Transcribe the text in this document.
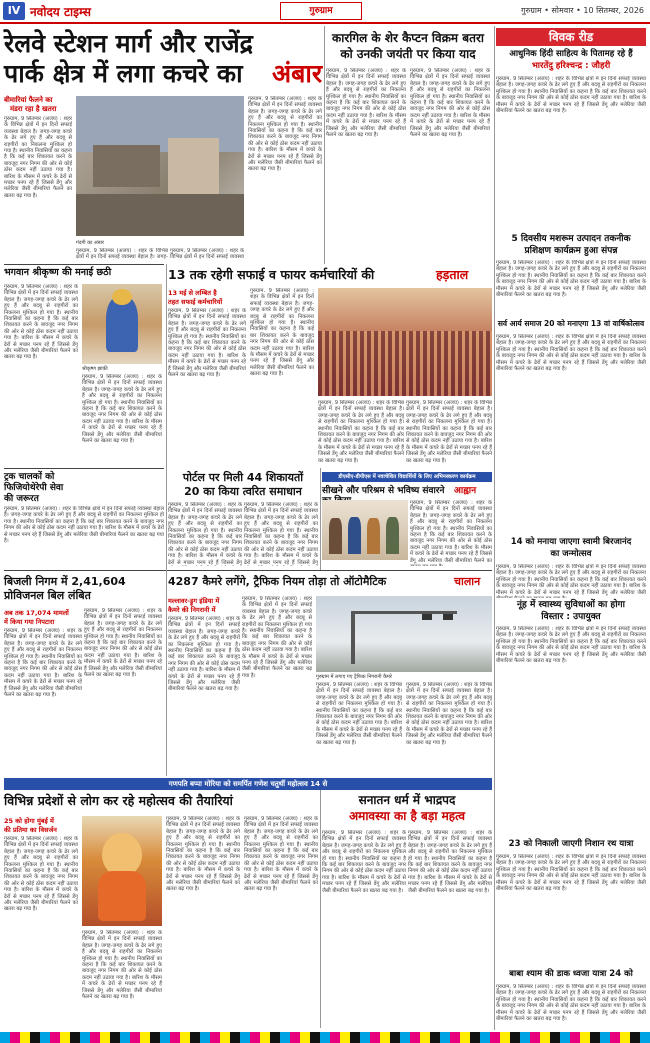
IV नवोदय टाइम्स	गुरुग्राम	गुरुग्राम • सोमवार • 10 सितम्बर, 2026
रेलवे स्टेशन मार्ग और राजेंद्र
पार्क क्षेत्र में लगा कचरे का	अंबार
बीमारियां फैलने का
मंडरा रहा है खतरा
गुरुग्राम, 9 सितम्बर (अजय) : शहर के विभिन्न क्षेत्रों में इन दिनों सफाई व्यवस्था बेहाल है। जगह-जगह कचरे के ढेर लगे हुए हैं और बदबू से राहगीरों का निकलना मुश्किल हो गया है। स्थानीय निवासियों का कहना है कि कई बार शिकायत करने के बावजूद नगर निगम की ओर से कोई ठोस कदम नहीं उठाया गया है। बारिश के मौसम में कचरे के ढेरों से मच्छर पनप रहे हैं जिससे डेंगू और मलेरिया जैसी बीमारियां फैलने का खतरा बढ़ गया है।
गंदगी का अंबार
गुरुग्राम, 9 सितम्बर (अजय) : शहर के विभिन्न क्षेत्रों में इन दिनों सफाई व्यवस्था बेहाल है। जगह-जगह कचरे के ढेर लगे हुए हैं और बदबू से राहगीरों का निकलना मुश्किल हो गया है। स्थानीय निवासियों का कहना है कि कई बार शिकायत करने के बावजूद नगर निगम की ओर से कोई ठोस कदम नहीं उठाया गया है। बारिश के मौसम में कचरे के ढेरों से मच्छर पनप रहे हैं जिससे डेंगू और मलेरिया जैसी बीमारियां फैलने का खतरा बढ़ गया है।
गुरुग्राम, 9 सितम्बर (अजय) : शहर के विभिन्न क्षेत्रों में इन दिनों सफाई व्यवस्था बेहाल है। जगह-
गुरुग्राम, 9 सितम्बर (अजय) : शहर के विभिन्न क्षेत्रों में इन दिनों सफाई व्यवस्था
कारगिल के शेर कैप्टन विक्रम बतरा
को उनकी जयंती पर किया याद
गुरुग्राम, 9 सितम्बर (अजय) : शहर के विभिन्न क्षेत्रों में इन दिनों सफाई व्यवस्था बेहाल है। जगह-जगह कचरे के ढेर लगे हुए हैं और बदबू से राहगीरों का निकलना मुश्किल हो गया है। स्थानीय निवासियों का कहना है कि कई बार शिकायत करने के बावजूद नगर निगम की ओर से कोई ठोस कदम नहीं उठाया गया है। बारिश के मौसम में कचरे के ढेरों से मच्छर पनप रहे हैं जिससे डेंगू और मलेरिया जैसी बीमारियां फैलने का खतरा बढ़ गया है।
गुरुग्राम, 9 सितम्बर (अजय) : शहर के विभिन्न क्षेत्रों में इन दिनों सफाई व्यवस्था बेहाल है। जगह-जगह कचरे के ढेर लगे हुए हैं और बदबू से राहगीरों का निकलना मुश्किल हो गया है। स्थानीय निवासियों का कहना है कि कई बार शिकायत करने के बावजूद नगर निगम की ओर से कोई ठोस कदम नहीं उठाया गया है। बारिश के मौसम में कचरे के ढेरों से मच्छर पनप रहे हैं जिससे डेंगू और मलेरिया जैसी बीमारियां फैलने का खतरा बढ़ गया है।
विवक रीड
आधुनिक हिंदी साहित्य के पितामह रहे हैं
भारतेंदु हरिश्चन्द्र : जौहरी
गुरुग्राम, 9 सितम्बर (अजय) : शहर के विभिन्न क्षेत्रों में इन दिनों सफाई व्यवस्था बेहाल है। जगह-जगह कचरे के ढेर लगे हुए हैं और बदबू से राहगीरों का निकलना मुश्किल हो गया है। स्थानीय निवासियों का कहना है कि कई बार शिकायत करने के बावजूद नगर निगम की ओर से कोई ठोस कदम नहीं उठाया गया है। बारिश के मौसम में कचरे के ढेरों से मच्छर पनप रहे हैं जिससे डेंगू और मलेरिया जैसी बीमारियां फैलने का खतरा बढ़ गया है।
5 दिवसीय मशरूम उत्पादन तकनीक
प्रशिक्षण कार्यक्रम हुआ संपन्न
गुरुग्राम, 9 सितम्बर (अजय) : शहर के विभिन्न क्षेत्रों में इन दिनों सफाई व्यवस्था बेहाल है। जगह-जगह कचरे के ढेर लगे हुए हैं और बदबू से राहगीरों का निकलना मुश्किल हो गया है। स्थानीय निवासियों का कहना है कि कई बार शिकायत करने के बावजूद नगर निगम की ओर से कोई ठोस कदम नहीं उठाया गया है। बारिश के मौसम में कचरे के ढेरों से मच्छर पनप रहे हैं जिससे डेंगू और मलेरिया जैसी बीमारियां फैलने का खतरा बढ़ गया है।
सर्व आर्य समाज 20 को मनाएगा 13 वां वार्षिकोत्सव
गुरुग्राम, 9 सितम्बर (अजय) : शहर के विभिन्न क्षेत्रों में इन दिनों सफाई व्यवस्था बेहाल है। जगह-जगह कचरे के ढेर लगे हुए हैं और बदबू से राहगीरों का निकलना मुश्किल हो गया है। स्थानीय निवासियों का कहना है कि कई बार शिकायत करने के बावजूद नगर निगम की ओर से कोई ठोस कदम नहीं उठाया गया है। बारिश के मौसम में कचरे के ढेरों से मच्छर पनप रहे हैं जिससे डेंगू और मलेरिया जैसी बीमारियां फैलने का खतरा बढ़ गया है।
भगवान श्रीकृष्ण की मनाई छठी
गुरुग्राम, 9 सितम्बर (अजय) : शहर के विभिन्न क्षेत्रों में इन दिनों सफाई व्यवस्था बेहाल है। जगह-जगह कचरे के ढेर लगे हुए हैं और बदबू से राहगीरों का निकलना मुश्किल हो गया है। स्थानीय निवासियों का कहना है कि कई बार शिकायत करने के बावजूद नगर निगम की ओर से कोई ठोस कदम नहीं उठाया गया है। बारिश के मौसम में कचरे के ढेरों से मच्छर पनप रहे हैं जिससे डेंगू और मलेरिया जैसी बीमारियां फैलने का खतरा बढ़ गया है।
श्रीकृष्ण झांकी
गुरुग्राम, 9 सितम्बर (अजय) : शहर के विभिन्न क्षेत्रों में इन दिनों सफाई व्यवस्था बेहाल है। जगह-जगह कचरे के ढेर लगे हुए हैं और बदबू से राहगीरों का निकलना मुश्किल हो गया है। स्थानीय निवासियों का कहना है कि कई बार शिकायत करने के बावजूद नगर निगम की ओर से कोई ठोस कदम नहीं उठाया गया है। बारिश के मौसम में कचरे के ढेरों से मच्छर पनप रहे हैं जिससे डेंगू और मलेरिया जैसी बीमारियां फैलने का खतरा बढ़ गया है।
13 तक रहेगी सफाई व फायर कर्मचारियों की	हड़ताल
13 मई से लम्बित है
तहत सफाई कर्मचारियों
गुरुग्राम, 9 सितम्बर (अजय) : शहर के विभिन्न क्षेत्रों में इन दिनों सफाई व्यवस्था बेहाल है। जगह-जगह कचरे के ढेर लगे हुए हैं और बदबू से राहगीरों का निकलना मुश्किल हो गया है। स्थानीय निवासियों का कहना है कि कई बार शिकायत करने के बावजूद नगर निगम की ओर से कोई ठोस कदम नहीं उठाया गया है। बारिश के मौसम में कचरे के ढेरों से मच्छर पनप रहे हैं जिससे डेंगू और मलेरिया जैसी बीमारियां फैलने का खतरा बढ़ गया है।
गुरुग्राम, 9 सितम्बर (अजय) : शहर के विभिन्न क्षेत्रों में इन दिनों सफाई व्यवस्था बेहाल है। जगह-जगह कचरे के ढेर लगे हुए हैं और बदबू से राहगीरों का निकलना मुश्किल हो गया है। स्थानीय निवासियों का कहना है कि कई बार शिकायत करने के बावजूद नगर निगम की ओर से कोई ठोस कदम नहीं उठाया गया है। बारिश के मौसम में कचरे के ढेरों से मच्छर पनप रहे हैं जिससे डेंगू और मलेरिया जैसी बीमारियां फैलने का खतरा बढ़ गया है।
गुरुग्राम, 9 सितम्बर (अजय) : शहर के विभिन्न क्षेत्रों में इन दिनों सफाई व्यवस्था बेहाल है। जगह-जगह कचरे के ढेर लगे हुए हैं और बदबू से राहगीरों का निकलना मुश्किल हो गया है। स्थानीय निवासियों का कहना है कि कई बार शिकायत करने के बावजूद नगर निगम की ओर से कोई ठोस कदम नहीं उठाया गया है। बारिश के मौसम में कचरे के ढेरों से मच्छर पनप रहे हैं जिससे डेंगू और मलेरिया जैसी बीमारियां फैलने का खतरा बढ़ गया है।
गुरुग्राम, 9 सितम्बर (अजय) : शहर के विभिन्न क्षेत्रों में इन दिनों सफाई व्यवस्था बेहाल है। जगह-जगह कचरे के ढेर लगे हुए हैं और बदबू से राहगीरों का निकलना मुश्किल हो गया है। स्थानीय निवासियों का कहना है कि कई बार शिकायत करने के बावजूद नगर निगम की ओर से कोई ठोस कदम नहीं उठाया गया है। बारिश के मौसम में कचरे के ढेरों से मच्छर पनप रहे हैं जिससे डेंगू और मलेरिया जैसी बीमारियां फैलने का खतरा बढ़ गया है।
ट्रक चालकों को
फिजियोथेरेपी सेवा
की जरूरत
गुरुग्राम, 9 सितम्बर (अजय) : शहर के विभिन्न क्षेत्रों में इन दिनों सफाई व्यवस्था बेहाल है। जगह-जगह कचरे के ढेर लगे हुए हैं और बदबू से राहगीरों का निकलना मुश्किल हो गया है। स्थानीय निवासियों का कहना है कि कई बार शिकायत करने के बावजूद नगर निगम की ओर से कोई ठोस कदम नहीं उठाया गया है। बारिश के मौसम में कचरे के ढेरों से मच्छर पनप रहे हैं जिससे डेंगू और मलेरिया जैसी बीमारियां फैलने का खतरा बढ़ गया है।
पोर्टल पर मिली 44 शिकायतों
20 का किया त्वरित समाधान
गुरुग्राम, 9 सितम्बर (अजय) : शहर के विभिन्न क्षेत्रों में इन दिनों सफाई व्यवस्था बेहाल है। जगह-जगह कचरे के ढेर लगे हुए हैं और बदबू से राहगीरों का निकलना मुश्किल हो गया है। स्थानीय निवासियों का कहना है कि कई बार शिकायत करने के बावजूद नगर निगम की ओर से कोई ठोस कदम नहीं उठाया गया है। बारिश के मौसम में कचरे के ढेरों से मच्छर पनप रहे हैं जिससे डेंगू
गुरुग्राम, 9 सितम्बर (अजय) : शहर के विभिन्न क्षेत्रों में इन दिनों सफाई व्यवस्था बेहाल है। जगह-जगह कचरे के ढेर लगे हुए हैं और बदबू से राहगीरों का निकलना मुश्किल हो गया है। स्थानीय निवासियों का कहना है कि कई बार शिकायत करने के बावजूद नगर निगम की ओर से कोई ठोस कदम नहीं उठाया गया है। बारिश के मौसम में कचरे के ढेरों से मच्छर पनप रहे हैं जिससे डेंगू
डीएसीए-डीपीएस में नवाचेशित विद्यार्थियों के लिए अभिनस्करण कार्यक्रम
सीखने और परिश्रम से भविष्य संवारने	आह्वान
गुरुग्राम, 9 सितम्बर (अजय) : शहर के विभिन्न क्षेत्रों में इन दिनों सफाई व्यवस्था बेहाल है। जगह-जगह कचरे के ढेर लगे हुए हैं और बदबू से राहगीरों का निकलना मुश्किल हो गया है। स्थानीय निवासियों का कहना है कि कई बार शिकायत करने के बावजूद नगर निगम की ओर से कोई ठोस कदम नहीं उठाया गया है। बारिश के मौसम में कचरे के ढेरों से मच्छर पनप रहे हैं जिससे डेंगू और मलेरिया जैसी बीमारियां फैलने का
14 को मनाया जाएगा स्वामी बिरजानंद
का जन्मोत्सव
गुरुग्राम, 9 सितम्बर (अजय) : शहर के विभिन्न क्षेत्रों में इन दिनों सफाई व्यवस्था बेहाल है। जगह-जगह कचरे के ढेर लगे हुए हैं और बदबू से राहगीरों का निकलना मुश्किल हो गया है। स्थानीय निवासियों का कहना है कि कई बार शिकायत करने के बावजूद नगर निगम की ओर से कोई ठोस कदम नहीं उठाया गया है। बारिश के मौसम में कचरे के ढेरों से मच्छर पनप रहे हैं जिससे डेंगू और मलेरिया जैसी
नूंह में स्वास्थ्य सुविधाओं का होगा
विस्तार : उपायुक्त
गुरुग्राम, 9 सितम्बर (अजय) : शहर के विभिन्न क्षेत्रों में इन दिनों सफाई व्यवस्था बेहाल है। जगह-जगह कचरे के ढेर लगे हुए हैं और बदबू से राहगीरों का निकलना मुश्किल हो गया है। स्थानीय निवासियों का कहना है कि कई बार शिकायत करने के बावजूद नगर निगम की ओर से कोई ठोस कदम नहीं उठाया गया है। बारिश के मौसम में कचरे के ढेरों से मच्छर पनप रहे हैं जिससे डेंगू और मलेरिया जैसी बीमारियां फैलने का खतरा बढ़ गया है।
बिजली निगम में 2,41,604
प्रोविजनल बिल लंबित
अब तक 17,074 मामलों
में किया गया निपटारा
गुरुग्राम, 9 सितम्बर (अजय) : शहर के विभिन्न क्षेत्रों में इन दिनों सफाई व्यवस्था बेहाल है। जगह-जगह कचरे के ढेर लगे हुए हैं और बदबू से राहगीरों का निकलना मुश्किल हो गया है। स्थानीय निवासियों का कहना है कि कई बार शिकायत करने के बावजूद नगर निगम की ओर से कोई ठोस कदम नहीं उठाया गया है। बारिश के मौसम में कचरे के ढेरों से मच्छर पनप रहे हैं जिससे डेंगू और मलेरिया जैसी बीमारियां फैलने का खतरा बढ़ गया है।
गुरुग्राम, 9 सितम्बर (अजय) : शहर के विभिन्न क्षेत्रों में इन दिनों सफाई व्यवस्था बेहाल है। जगह-जगह कचरे के ढेर लगे हुए हैं और बदबू से राहगीरों का निकलना मुश्किल हो गया है। स्थानीय निवासियों का कहना है कि कई बार शिकायत करने के बावजूद नगर निगम की ओर से कोई ठोस कदम नहीं उठाया गया है। बारिश के मौसम में कचरे के ढेरों से मच्छर पनप रहे हैं जिससे डेंगू और मलेरिया जैसी बीमारियां फैलने का खतरा बढ़ गया है।
4287 कैमरे लगेंगे, ट्रैफिक नियम तोड़ा तो ऑटोमैटिक	चालान
मल्लावर-ड्रुग इंडिया में
कैमरे की निगरानी में
गुरुग्राम, 9 सितम्बर (अजय) : शहर के विभिन्न क्षेत्रों में इन दिनों सफाई व्यवस्था बेहाल है। जगह-जगह कचरे के ढेर लगे हुए हैं और बदबू से राहगीरों का निकलना मुश्किल हो गया है। स्थानीय निवासियों का कहना है कि कई बार शिकायत करने के बावजूद नगर निगम की ओर से कोई ठोस कदम नहीं उठाया गया है। बारिश के मौसम में कचरे के ढेरों से मच्छर पनप रहे हैं जिससे डेंगू और मलेरिया जैसी बीमारियां फैलने का खतरा बढ़ गया है।
गुरुग्राम, 9 सितम्बर (अजय) : शहर के विभिन्न क्षेत्रों में इन दिनों सफाई व्यवस्था बेहाल है। जगह-जगह कचरे के ढेर लगे हुए हैं और बदबू से राहगीरों का निकलना मुश्किल हो गया है। स्थानीय निवासियों का कहना है कि कई बार शिकायत करने के बावजूद नगर निगम की ओर से कोई ठोस कदम नहीं उठाया गया है। बारिश के मौसम में कचरे के ढेरों से मच्छर पनप रहे हैं जिससे डेंगू और मलेरिया जैसी बीमारियां फैलने का खतरा बढ़ गया है।	गुरुग्राम में लगाए गए ट्रैफिक निगरानी कैमरे
गुरुग्राम, 9 सितम्बर (अजय) : शहर के विभिन्न क्षेत्रों में इन दिनों सफाई व्यवस्था बेहाल है। जगह-जगह कचरे के ढेर लगे हुए हैं और बदबू से राहगीरों का निकलना मुश्किल हो गया है। स्थानीय निवासियों का कहना है कि कई बार शिकायत करने के बावजूद नगर निगम की ओर से कोई ठोस कदम नहीं उठाया गया है। बारिश के मौसम में कचरे के ढेरों से मच्छर पनप रहे हैं जिससे डेंगू और मलेरिया जैसी बीमारियां फैलने का खतरा बढ़ गया है।
गुरुग्राम, 9 सितम्बर (अजय) : शहर के विभिन्न क्षेत्रों में इन दिनों सफाई व्यवस्था बेहाल है। जगह-जगह कचरे के ढेर लगे हुए हैं और बदबू से राहगीरों का निकलना मुश्किल हो गया है। स्थानीय निवासियों का कहना है कि कई बार शिकायत करने के बावजूद नगर निगम की ओर से कोई ठोस कदम नहीं उठाया गया है। बारिश के मौसम में कचरे के ढेरों से मच्छर पनप रहे हैं जिससे डेंगू और मलेरिया जैसी बीमारियां फैलने का खतरा बढ़ गया है।
23 को निकाली जाएगी निशान रथ यात्रा
गुरुग्राम, 9 सितम्बर (अजय) : शहर के विभिन्न क्षेत्रों में इन दिनों सफाई व्यवस्था बेहाल है। जगह-जगह कचरे के ढेर लगे हुए हैं और बदबू से राहगीरों का निकलना मुश्किल हो गया है। स्थानीय निवासियों का कहना है कि कई बार शिकायत करने के बावजूद नगर निगम की ओर से कोई ठोस कदम नहीं उठाया गया है। बारिश के मौसम में कचरे के ढेरों से मच्छर पनप रहे हैं जिससे डेंगू और मलेरिया जैसी बीमारियां फैलने का खतरा बढ़ गया है।
गणपति बप्पा मोरिया को समर्पित गणेश चतुर्थी महोत्सव 14 से
विभिन्न प्रदेशों से लोग कर रहे महोत्सव की तैयारियां
25 को होगा मुंबई में
की प्रतिमा का विसर्जन
गुरुग्राम, 9 सितम्बर (अजय) : शहर के विभिन्न क्षेत्रों में इन दिनों सफाई व्यवस्था बेहाल है। जगह-जगह कचरे के ढेर लगे हुए हैं और बदबू से राहगीरों का निकलना मुश्किल हो गया है। स्थानीय निवासियों का कहना है कि कई बार शिकायत करने के बावजूद नगर निगम की ओर से कोई ठोस कदम नहीं उठाया गया है। बारिश के मौसम में कचरे के ढेरों से मच्छर पनप रहे हैं जिससे डेंगू और मलेरिया जैसी बीमारियां फैलने का खतरा बढ़ गया है।
गुरुग्राम, 9 सितम्बर (अजय) : शहर के विभिन्न क्षेत्रों में इन दिनों सफाई व्यवस्था बेहाल है। जगह-जगह कचरे के ढेर लगे हुए हैं और बदबू से राहगीरों का निकलना मुश्किल हो गया है। स्थानीय निवासियों का कहना है कि कई बार शिकायत करने के बावजूद नगर निगम की ओर से कोई ठोस कदम नहीं उठाया गया है। बारिश के मौसम में कचरे के ढेरों से मच्छर पनप रहे हैं जिससे डेंगू और मलेरिया जैसी बीमारियां फैलने का खतरा बढ़ गया है।
गुरुग्राम, 9 सितम्बर (अजय) : शहर के विभिन्न क्षेत्रों में इन दिनों सफाई व्यवस्था बेहाल है। जगह-जगह कचरे के ढेर लगे हुए हैं और बदबू से राहगीरों का निकलना मुश्किल हो गया है। स्थानीय निवासियों का कहना है कि कई बार शिकायत करने के बावजूद नगर निगम की ओर से कोई ठोस कदम नहीं उठाया गया है। बारिश के मौसम में कचरे के ढेरों से मच्छर पनप रहे हैं जिससे डेंगू और मलेरिया जैसी बीमारियां फैलने का खतरा बढ़ गया है।
गुरुग्राम, 9 सितम्बर (अजय) : शहर के विभिन्न क्षेत्रों में इन दिनों सफाई व्यवस्था बेहाल है। जगह-जगह कचरे के ढेर लगे हुए हैं और बदबू से राहगीरों का निकलना मुश्किल हो गया है। स्थानीय निवासियों का कहना है कि कई बार शिकायत करने के बावजूद नगर निगम की ओर से कोई ठोस कदम नहीं उठाया गया है। बारिश के मौसम में कचरे के ढेरों से मच्छर पनप रहे हैं जिससे डेंगू और मलेरिया जैसी बीमारियां फैलने का खतरा बढ़ गया है।
सनातन धर्म में भाद्रपद
अमावस्या का है बड़ा महत्व
गुरुग्राम, 9 सितम्बर (अजय) : शहर के विभिन्न क्षेत्रों में इन दिनों सफाई व्यवस्था बेहाल है। जगह-जगह कचरे के ढेर लगे हुए हैं और बदबू से राहगीरों का निकलना मुश्किल हो गया है। स्थानीय निवासियों का कहना है कि कई बार शिकायत करने के बावजूद नगर निगम की ओर से कोई ठोस कदम नहीं उठाया गया है। बारिश के मौसम में कचरे के ढेरों से मच्छर पनप रहे हैं जिससे डेंगू और मलेरिया जैसी बीमारियां फैलने का खतरा बढ़ गया है।
गुरुग्राम, 9 सितम्बर (अजय) : शहर के विभिन्न क्षेत्रों में इन दिनों सफाई व्यवस्था बेहाल है। जगह-जगह कचरे के ढेर लगे हुए हैं और बदबू से राहगीरों का निकलना मुश्किल हो गया है। स्थानीय निवासियों का कहना है कि कई बार शिकायत करने के बावजूद नगर निगम की ओर से कोई ठोस कदम नहीं उठाया गया है। बारिश के मौसम में कचरे के ढेरों से मच्छर पनप रहे हैं जिससे डेंगू और मलेरिया जैसी बीमारियां फैलने का खतरा बढ़ गया है।
बाबा श्याम की डाक ध्वजा यात्रा 24 को
गुरुग्राम, 9 सितम्बर (अजय) : शहर के विभिन्न क्षेत्रों में इन दिनों सफाई व्यवस्था बेहाल है। जगह-जगह कचरे के ढेर लगे हुए हैं और बदबू से राहगीरों का निकलना मुश्किल हो गया है। स्थानीय निवासियों का कहना है कि कई बार शिकायत करने के बावजूद नगर निगम की ओर से कोई ठोस कदम नहीं उठाया गया है। बारिश के मौसम में कचरे के ढेरों से मच्छर पनप रहे हैं जिससे डेंगू और मलेरिया जैसी बीमारियां फैलने का खतरा बढ़ गया है।
